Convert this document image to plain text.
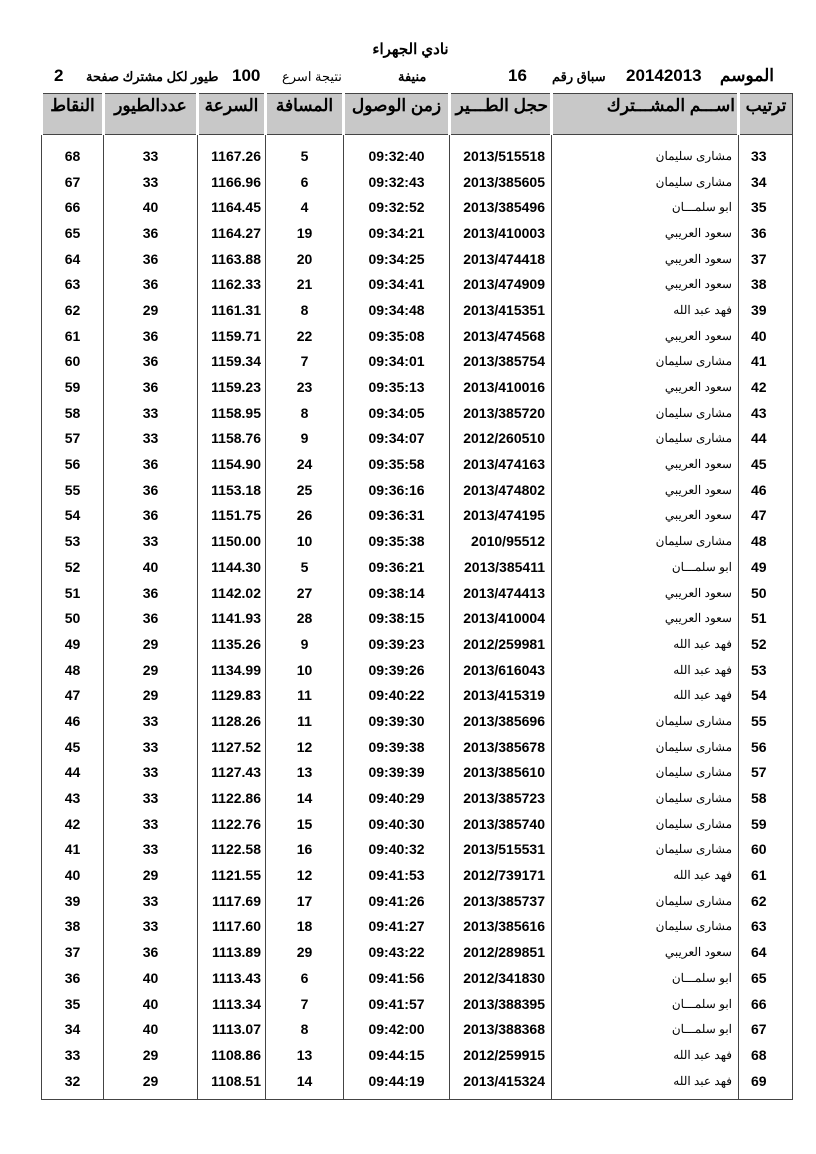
نادي الجهراء
الموسم
20142013
سباق رقم
16
منيفة
نتيجة اسرع
100
طيور لكل مشترك صفحة
2
النقاط	عددالطيور	السرعة	المسافة	زمن الوصول	حجل الطـــير	اســـم المشـــترك	ترتيب
68	33	1167.26	5	09:32:40	2013/515518	مشارى سليمان	33
67	33	1166.96	6	09:32:43	2013/385605	مشارى سليمان	34
66	40	1164.45	4	09:32:52	2013/385496	ابو سلمـــان	35
65	36	1164.27	19	09:34:21	2013/410003	سعود العريبي	36
64	36	1163.88	20	09:34:25	2013/474418	سعود العريبي	37
63	36	1162.33	21	09:34:41	2013/474909	سعود العريبي	38
62	29	1161.31	8	09:34:48	2013/415351	فهد عبد الله	39
61	36	1159.71	22	09:35:08	2013/474568	سعود العريبي	40
60	36	1159.34	7	09:34:01	2013/385754	مشارى سليمان	41
59	36	1159.23	23	09:35:13	2013/410016	سعود العريبي	42
58	33	1158.95	8	09:34:05	2013/385720	مشارى سليمان	43
57	33	1158.76	9	09:34:07	2012/260510	مشارى سليمان	44
56	36	1154.90	24	09:35:58	2013/474163	سعود العريبي	45
55	36	1153.18	25	09:36:16	2013/474802	سعود العريبي	46
54	36	1151.75	26	09:36:31	2013/474195	سعود العريبي	47
53	33	1150.00	10	09:35:38	2010/95512	مشارى سليمان	48
52	40	1144.30	5	09:36:21	2013/385411	ابو سلمـــان	49
51	36	1142.02	27	09:38:14	2013/474413	سعود العريبي	50
50	36	1141.93	28	09:38:15	2013/410004	سعود العريبي	51
49	29	1135.26	9	09:39:23	2012/259981	فهد عبد الله	52
48	29	1134.99	10	09:39:26	2013/616043	فهد عبد الله	53
47	29	1129.83	11	09:40:22	2013/415319	فهد عبد الله	54
46	33	1128.26	11	09:39:30	2013/385696	مشارى سليمان	55
45	33	1127.52	12	09:39:38	2013/385678	مشارى سليمان	56
44	33	1127.43	13	09:39:39	2013/385610	مشارى سليمان	57
43	33	1122.86	14	09:40:29	2013/385723	مشارى سليمان	58
42	33	1122.76	15	09:40:30	2013/385740	مشارى سليمان	59
41	33	1122.58	16	09:40:32	2013/515531	مشارى سليمان	60
40	29	1121.55	12	09:41:53	2012/739171	فهد عبد الله	61
39	33	1117.69	17	09:41:26	2013/385737	مشارى سليمان	62
38	33	1117.60	18	09:41:27	2013/385616	مشارى سليمان	63
37	36	1113.89	29	09:43:22	2012/289851	سعود العريبي	64
36	40	1113.43	6	09:41:56	2012/341830	ابو سلمـــان	65
35	40	1113.34	7	09:41:57	2013/388395	ابو سلمـــان	66
34	40	1113.07	8	09:42:00	2013/388368	ابو سلمـــان	67
33	29	1108.86	13	09:44:15	2012/259915	فهد عبد الله	68
32	29	1108.51	14	09:44:19	2013/415324	فهد عبد الله	69
